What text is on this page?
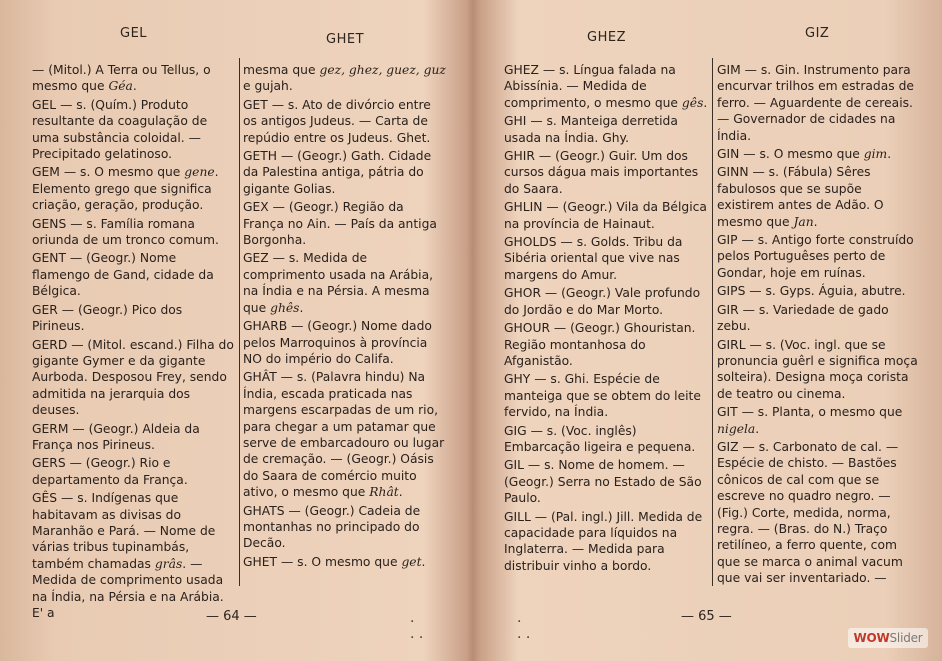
GEL	GHET
— (Mitol.) A Terra ou Tellus, o mesmo que Géa.
GEL — s. (Quím.) Produto resultante da coagulação de uma substância coloidal. — Precipitado gelatinoso.
GEM — s. O mesmo que gene. Elemento grego que significa criação, geração, produção.
GENS — s. Família romana oriunda de um tronco comum.
GENT — (Geogr.) Nome flamengo de Gand, cidade da Bélgica.
GER — (Geogr.) Pico dos Pirineus.
GERD — (Mitol. escand.) Filha do gigante Gymer e da gigante Aurboda. Desposou Frey, sendo admitida na jerarquia dos deuses.
GERM — (Geogr.) Aldeia da França nos Pirineus.
GERS — (Geogr.) Rio e departamento da França.
GÊS — s. Indígenas que habitavam as divisas do Maranhão e Pará. — Nome de várias tribus tupinambás, também chamadas grâs. — Medida de comprimento usada na Índia, na Pérsia e na Arábia. E' a
mesma que gez, ghez, guez, guz e gujah.
GET — s. Ato de divórcio entre os antigos Judeus. — Carta de repúdio entre os Judeus. Ghet.
GETH — (Geogr.) Gath. Cidade da Palestina antiga, pátria do gigante Golias.
GEX — (Geogr.) Região da França no Ain. — País da antiga Borgonha.
GEZ — s. Medida de comprimento usada na Arábia, na Índia e na Pérsia. A mesma que ghês.
GHARB — (Geogr.) Nome dado pelos Marroquinos à província NO do império do Califa.
GHÂT — s. (Palavra hindu) Na Índia, escada praticada nas margens escarpadas de um rio, para chegar a um patamar que serve de embarcadouro ou lugar de cremação. — (Geogr.) Oásis do Saara de comércio muito ativo, o mesmo que Rhât.
GHATS — (Geogr.) Cadeia de montanhas no principado do Decão.
GHET — s. O mesmo que get.
— 64 —	·
· ·
GHEZ	GIZ
GHEZ — s. Língua falada na Abissínia. — Medida de comprimento, o mesmo que gês.
GHI — s. Manteiga derretida usada na Índia. Ghy.
GHIR — (Geogr.) Guir. Um dos cursos dágua mais importantes do Saara.
GHLIN — (Geogr.) Vila da Bélgica na província de Hainaut.
GHOLDS — s. Golds. Tribu da Sibéria oriental que vive nas margens do Amur.
GHOR — (Geogr.) Vale profundo do Jordão e do Mar Morto.
GHOUR — (Geogr.) Ghouristan. Região montanhosa do Afganistão.
GHY — s. Ghi. Espécie de manteiga que se obtem do leite fervido, na Índia.
GIG — s. (Voc. inglês) Embarcação ligeira e pequena.
GIL — s. Nome de homem. — (Geogr.) Serra no Estado de São Paulo.
GILL — (Pal. ingl.) Jill. Medida de capacidade para líquidos na Inglaterra. — Medida para distribuir vinho a bordo.
GIM — s. Gin. Instrumento para encurvar trilhos em estradas de ferro. — Aguardente de cereais. — Governador de cidades na Índia.
GIN — s. O mesmo que gim.
GINN — s. (Fábula) Sêres fabulosos que se supõe existirem antes de Adão. O mesmo que Jan.
GIP — s. Antigo forte construído pelos Portuguêses perto de Gondar, hoje em ruínas.
GIPS — s. Gyps. Águia, abutre.
GIR — s. Variedade de gado zebu.
GIRL — s. (Voc. ingl. que se pronuncia guêrl e significa moça solteira). Designa moça corista de teatro ou cinema.
GIT — s. Planta, o mesmo que nigela.
GIZ — s. Carbonato de cal. — Espécie de chisto. — Bastões cônicos de cal com que se escreve no quadro negro. — (Fig.) Corte, medida, norma, regra. — (Bras. do N.) Traço retilíneo, a ferro quente, com que se marca o animal vacum que vai ser inventariado. —
— 65 —
·
· ·	WOWSlider
